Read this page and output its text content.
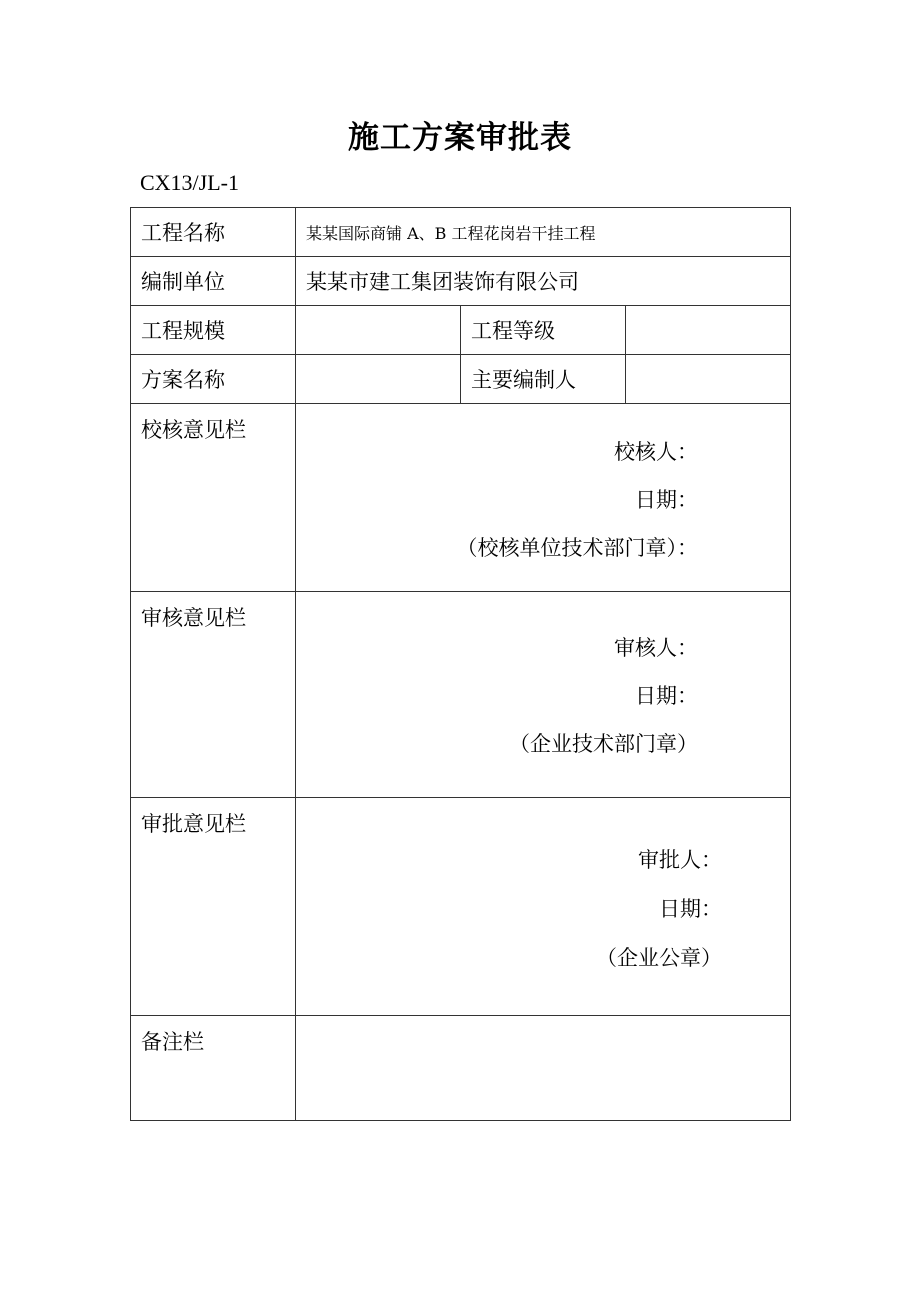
施工方案审批表
CX13/JL-1
工程名称	某某国际商铺 A、B 工程花岗岩干挂工程		
编制单位	某某市建工集团装饰有限公司		
工程规模		工程等级	
方案名称		主要编制人	
校核意见栏	校核人：
日期：
（校核单位技术部门章）：		

审核意见栏	审核人：
日期：
（企业技术部门章）		

审批意见栏	审批人：
日期：
（企业公章）		

备注栏			
